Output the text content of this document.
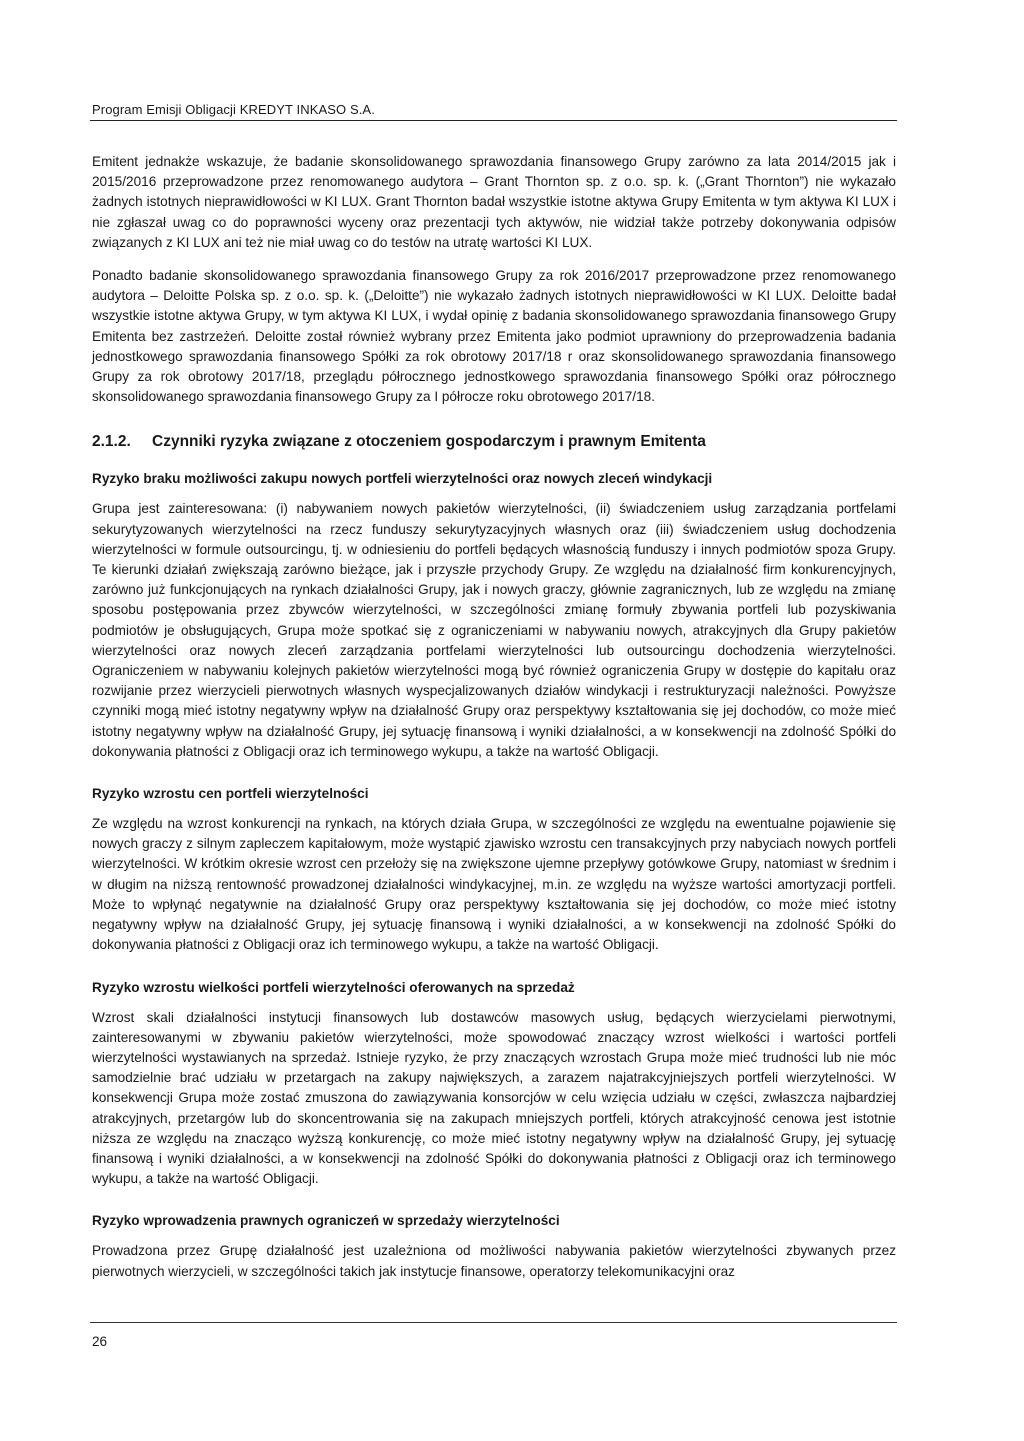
Program Emisji Obligacji KREDYT INKASO S.A.

Emitent jednakże wskazuje, że badanie skonsolidowanego sprawozdania finansowego Grupy zarówno za lata 2014/2015 jak i 2015/2016 przeprowadzone przez renomowanego audytora – Grant Thornton sp. z o.o. sp. k. („Grant Thornton”) nie wykazało żadnych istotnych nieprawidłowości w KI LUX. Grant Thornton badał wszystkie istotne aktywa Grupy Emitenta w tym aktywa KI LUX i nie zgłaszał uwag co do poprawności wyceny oraz prezentacji tych aktywów, nie widział także potrzeby dokonywania odpisów związanych z KI LUX ani też nie miał uwag co do testów na utratę wartości KI LUX.

Ponadto badanie skonsolidowanego sprawozdania finansowego Grupy za rok 2016/2017 przeprowadzone przez renomowanego audytora – Deloitte Polska sp. z o.o. sp. k. („Deloitte”) nie wykazało żadnych istotnych nieprawidłowości w KI LUX. Deloitte badał wszystkie istotne aktywa Grupy, w tym aktywa KI LUX, i wydał opinię z badania skonsolidowanego sprawozdania finansowego Grupy Emitenta bez zastrzeżeń. Deloitte został również wybrany przez Emitenta jako podmiot uprawniony do przeprowadzenia badania jednostkowego sprawozdania finansowego Spółki za rok obrotowy 2017/18 r oraz skonsolidowanego sprawozdania finansowego Grupy za rok obrotowy 2017/18, przeglądu półrocznego jednostkowego sprawozdania finansowego Spółki oraz półrocznego skonsolidowanego sprawozdania finansowego Grupy za I półrocze roku obrotowego 2017/18.

2.1.2. Czynniki ryzyka związane z otoczeniem gospodarczym i prawnym Emitenta
Ryzyko braku możliwości zakupu nowych portfeli wierzytelności oraz nowych zleceń windykacji

Grupa jest zainteresowana: (i) nabywaniem nowych pakietów wierzytelności, (ii) świadczeniem usług zarządzania portfelami sekurytyzowanych wierzytelności na rzecz funduszy sekurytyzacyjnych własnych oraz (iii) świadczeniem usług dochodzenia wierzytelności w formule outsourcingu, tj. w odniesieniu do portfeli będących własnością funduszy i innych podmiotów spoza Grupy. Te kierunki działań zwiększają zarówno bieżące, jak i przyszłe przychody Grupy. Ze względu na działalność firm konkurencyjnych, zarówno już funkcjonujących na rynkach działalności Grupy, jak i nowych graczy, głównie zagranicznych, lub ze względu na zmianę sposobu postępowania przez zbywców wierzytelności, w szczególności zmianę formuły zbywania portfeli lub pozyskiwania podmiotów je obsługujących, Grupa może spotkać się z ograniczeniami w nabywaniu nowych, atrakcyjnych dla Grupy pakietów wierzytelności oraz nowych zleceń zarządzania portfelami wierzytelności lub outsourcingu dochodzenia wierzytelności. Ograniczeniem w nabywaniu kolejnych pakietów wierzytelności mogą być również ograniczenia Grupy w dostępie do kapitału oraz rozwijanie przez wierzycieli pierwotnych własnych wyspecjalizowanych działów windykacji i restrukturyzacji należności. Powyższe czynniki mogą mieć istotny negatywny wpływ na działalność Grupy oraz perspektywy kształtowania się jej dochodów, co może mieć istotny negatywny wpływ na działalność Grupy, jej sytuację finansową i wyniki działalności, a w konsekwencji na zdolność Spółki do dokonywania płatności z Obligacji oraz ich terminowego wykupu, a także na wartość Obligacji.

Ryzyko wzrostu cen portfeli wierzytelności

Ze względu na wzrost konkurencji na rynkach, na których działa Grupa, w szczególności ze względu na ewentualne pojawienie się nowych graczy z silnym zapleczem kapitałowym, może wystąpić zjawisko wzrostu cen transakcyjnych przy nabyciach nowych portfeli wierzytelności. W krótkim okresie wzrost cen przełoży się na zwiększone ujemne przepływy gotówkowe Grupy, natomiast w średnim i w długim na niższą rentowność prowadzonej działalności windykacyjnej, m.in. ze względu na wyższe wartości amortyzacji portfeli. Może to wpłynąć negatywnie na działalność Grupy oraz perspektywy kształtowania się jej dochodów, co może mieć istotny negatywny wpływ na działalność Grupy, jej sytuację finansową i wyniki działalności, a w konsekwencji na zdolność Spółki do dokonywania płatności z Obligacji oraz ich terminowego wykupu, a także na wartość Obligacji.

Ryzyko wzrostu wielkości portfeli wierzytelności oferowanych na sprzedaż

Wzrost skali działalności instytucji finansowych lub dostawców masowych usług, będących wierzycielami pierwotnymi, zainteresowanymi w zbywaniu pakietów wierzytelności, może spowodować znaczący wzrost wielkości i wartości portfeli wierzytelności wystawianych na sprzedaż. Istnieje ryzyko, że przy znaczących wzrostach Grupa może mieć trudności lub nie móc samodzielnie brać udziału w przetargach na zakupy największych, a zarazem najatrakcyjniejszych portfeli wierzytelności. W konsekwencji Grupa może zostać zmuszona do zawiązywania konsorcjów w celu wzięcia udziału w części, zwłaszcza najbardziej atrakcyjnych, przetargów lub do skoncentrowania się na zakupach mniejszych portfeli, których atrakcyjność cenowa jest istotnie niższa ze względu na znacząco wyższą konkurencję, co może mieć istotny negatywny wpływ na działalność Grupy, jej sytuację finansową i wyniki działalności, a w konsekwencji na zdolność Spółki do dokonywania płatności z Obligacji oraz ich terminowego wykupu, a także na wartość Obligacji.

Ryzyko wprowadzenia prawnych ograniczeń w sprzedaży wierzytelności

Prowadzona przez Grupę działalność jest uzależniona od możliwości nabywania pakietów wierzytelności zbywanych przez pierwotnych wierzycieli, w szczególności takich jak instytucje finansowe, operatorzy telekomunikacyjni oraz

26
